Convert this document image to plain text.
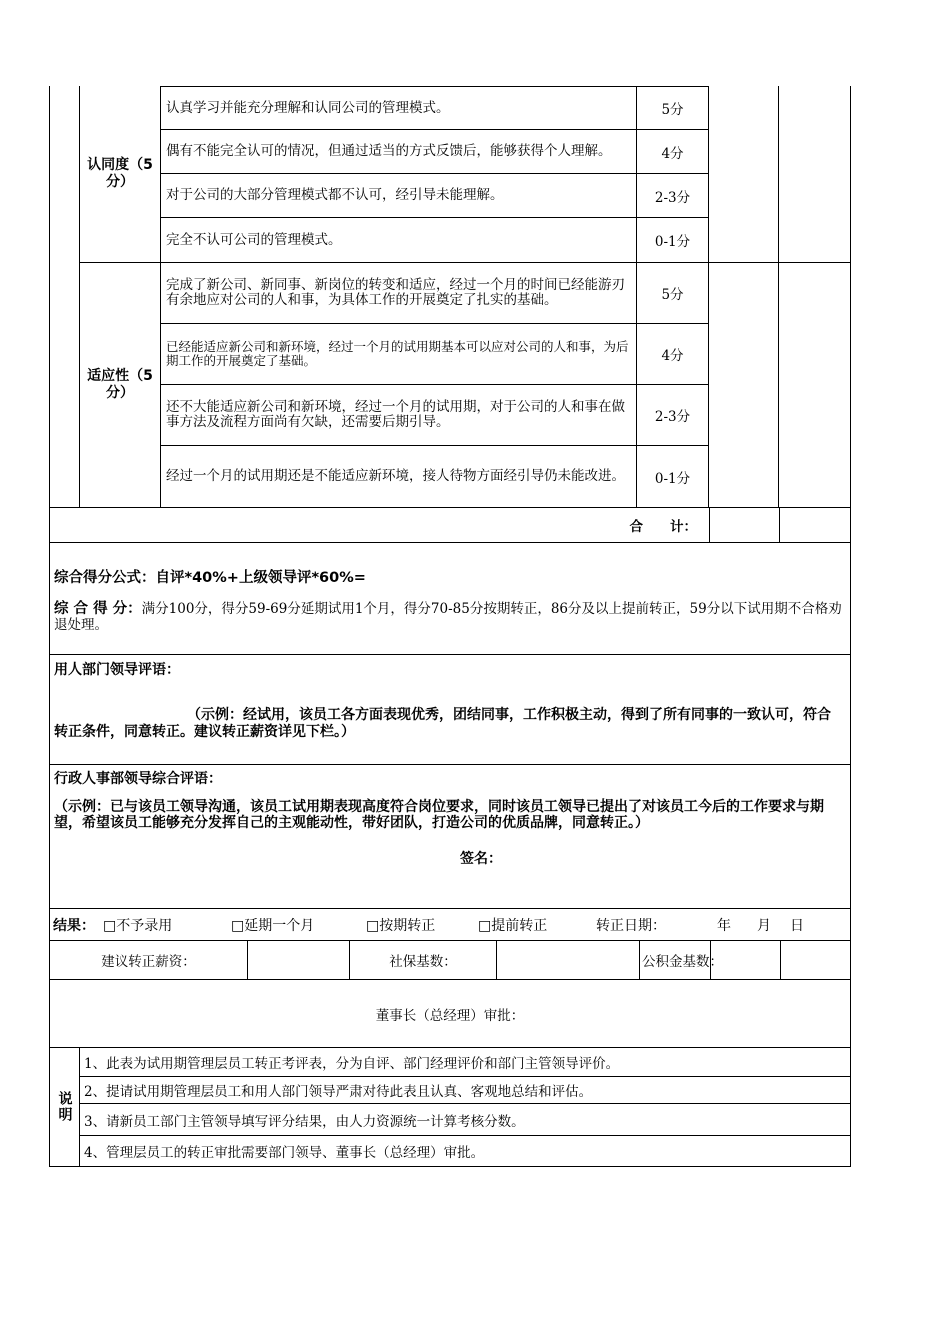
认同度（5分）
认真学习并能充分理解和认同公司的管理模式。	5分
偶有不能完全认可的情况，但通过适当的方式反馈后，能够获得个人理解。	4分
对于公司的大部分管理模式都不认可，经引导未能理解。	2-3分
完全不认可公司的管理模式。	0-1分
适应性（5分）
完成了新公司、新同事、新岗位的转变和适应，经过一个月的时间已经能游刃有余地应对公司的人和事，为具体工作的开展奠定了扎实的基础。	5分
已经能适应新公司和新环境，经过一个月的试用期基本可以应对公司的人和事，为后期工作的开展奠定了基础。	4分
还不大能适应新公司和新环境，经过一个月的试用期，对于公司的人和事在做事方法及流程方面尚有欠缺，还需要后期引导。	2-3分
经过一个月的试用期还是不能适应新环境，接人待物方面经引导仍未能改进。 0-1分
合　　计：
综合得分公式：自评*40%+上级领导评*60%=
综 合 得 分：满分100分，得分59-69分延期试用1个月，得分70-85分按期转正，86分及以上提前转正，59分以下试用期不合格劝退处理。
用人部门领导评语：
（示例：经试用，该员工各方面表现优秀，团结同事，工作积极主动，得到了所有同事的一致认可，符合转正条件，同意转正。建议转正薪资详见下栏。）
行政人事部领导综合评语：
（示例：已与该员工领导沟通，该员工试用期表现高度符合岗位要求，同时该员工领导已提出了对该员工今后的工作要求与期望，希望该员工能够充分发挥自己的主观能动性，带好团队，打造公司的优质品牌，同意转正。）
签名：
结果： □不予录用	□延期一个月	□按期转正	□提前转正	转正日期：	年 月 日
建议转正薪资：	社保基数：	公积金基数：
董事长（总经理）审批：
说明
1、此表为试用期管理层员工转正考评表，分为自评、部门经理评价和部门主管领导评价。
2、提请试用期管理层员工和用人部门领导严肃对待此表且认真、客观地总结和评估。
3、请新员工部门主管领导填写评分结果，由人力资源统一计算考核分数。
4、管理层员工的转正审批需要部门领导、董事长（总经理）审批。
